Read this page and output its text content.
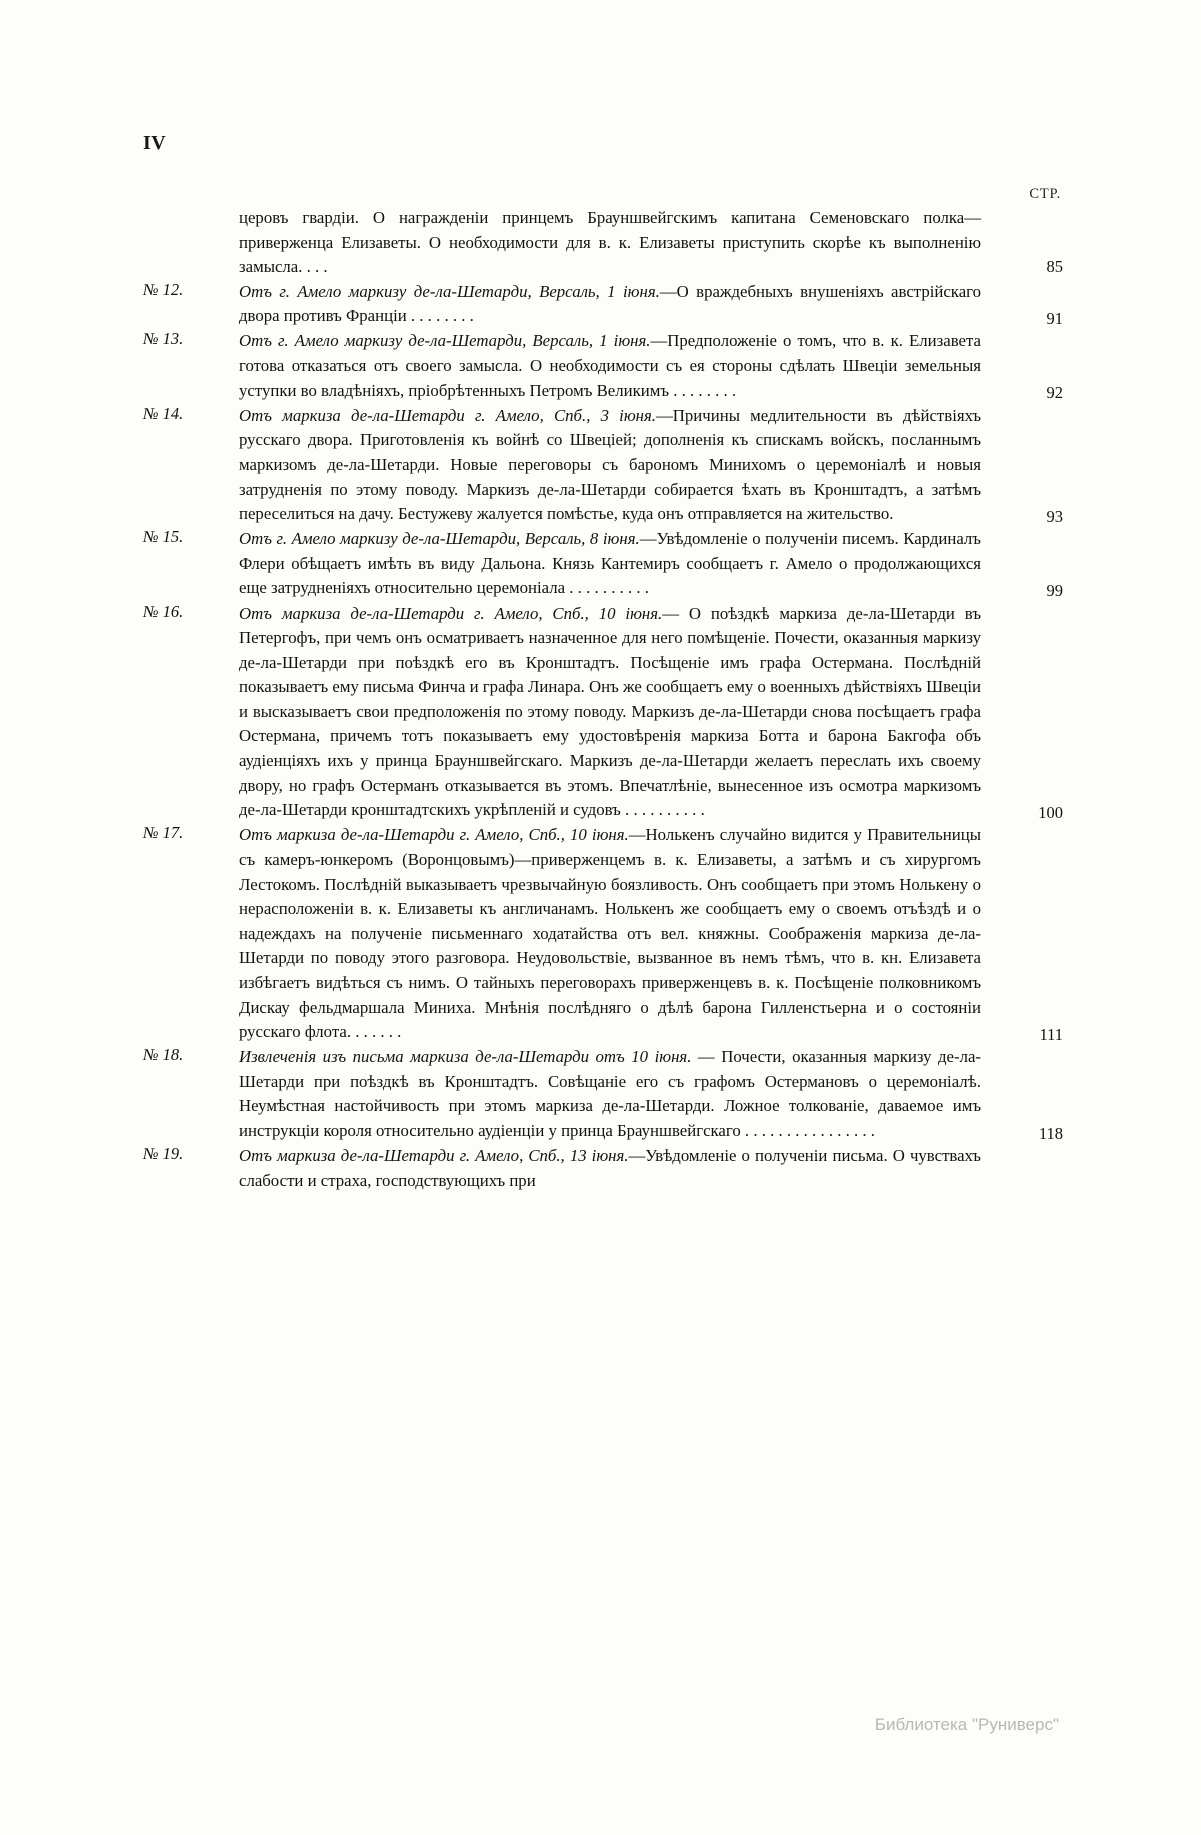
IV
СТР.
церовъ гвардіи. О награжденіи принцемъ Брауншвейгскимъ капитана Семеновскаго полка—приверженца Елизаветы. О необходимости для в. к. Елизаветы приступить скорѣе къ выполненію замысла. . . .	85
№ 12.	Отъ г. Амело маркизу де-ла-Шетарди, Версаль, 1 іюня.—О враждебныхъ внушеніяхъ австрійскаго двора противъ Франціи . . . . . . . .	91
№ 13.	Отъ г. Амело маркизу де-ла-Шетарди, Версаль, 1 іюня.—Предположеніе о томъ, что в. к. Елизавета готова отказаться отъ своего замысла. О необходимости съ ея стороны сдѣлать Швеціи земельныя уступки во владѣніяхъ, пріобрѣтенныхъ Петромъ Великимъ . . . . . . . .	92
№ 14.	Отъ маркиза де-ла-Шетарди г. Амело, Спб., 3 іюня.—Причины медлительности въ дѣйствіяхъ русскаго двора. Приготовленія къ войнѣ со Швеціей; дополненія къ спискамъ войскъ, посланнымъ маркизомъ де-ла-Шетарди. Новые переговоры съ барономъ Минихомъ о церемоніалѣ и новыя затрудненія по этому поводу. Маркизъ де-ла-Шетарди собирается ѣхать въ Кронштадтъ, а затѣмъ переселиться на дачу. Бестужеву жалуется помѣстье, куда онъ отправляется на жительство.	93
№ 15.	Отъ г. Амело маркизу де-ла-Шетарди, Версаль, 8 іюня.—Увѣдомленіе о полученіи писемъ. Кардиналъ Флери обѣщаетъ имѣть въ виду Дальона. Князь Кантемиръ сообщаетъ г. Амело о продолжающихся еще затрудненіяхъ относительно церемоніала . . . . . . . . . .	99
№ 16.	Отъ маркиза де-ла-Шетарди г. Амело, Спб., 10 іюня.— О поѣздкѣ маркиза де-ла-Шетарди въ Петергофъ, при чемъ онъ осматриваетъ назначенное для него помѣщеніе. Почести, оказанныя маркизу де-ла-Шетарди при поѣздкѣ его въ Кронштадтъ. Посѣщеніе имъ графа Остермана. Послѣдній показываетъ ему письма Финча и графа Линара. Онъ же сообщаетъ ему о военныхъ дѣйствіяхъ Швеціи и высказываетъ свои предположенія по этому поводу. Маркизъ де-ла-Шетарди снова посѣщаетъ графа Остермана, причемъ тотъ показываетъ ему удостовѣренія маркиза Ботта и барона Бакгофа объ аудіенціяхъ ихъ у принца Брауншвейгскаго. Маркизъ де-ла-Шетарди желаетъ переслать ихъ своему двору, но графъ Остерманъ отказывается въ этомъ. Впечатлѣніе, вынесенное изъ осмотра маркизомъ де-ла-Шетарди кронштадтскихъ укрѣпленій и судовъ . . . . . . . . . .	100
№ 17.	Отъ маркиза де-ла-Шетарди г. Амело, Спб., 10 іюня.—Нолькенъ случайно видится у Правительницы съ камеръ-юнкеромъ (Воронцовымъ)—приверженцемъ в. к. Елизаветы, а затѣмъ и съ хирургомъ Лестокомъ. Послѣдній выказываетъ чрезвычайную боязливость. Онъ сообщаетъ при этомъ Нолькену о нерасположеніи в. к. Елизаветы къ англичанамъ. Нолькенъ же сообщаетъ ему о своемъ отъѣздѣ и о надеждахъ на полученіе письменнаго ходатайства отъ вел. княжны. Соображенія маркиза де-ла-Шетарди по поводу этого разговора. Неудовольствіе, вызванное въ немъ тѣмъ, что в. кн. Елизавета избѣгаетъ видѣться съ нимъ. О тайныхъ переговорахъ приверженцевъ в. к. Посѣщеніе полковникомъ Дискау фельдмаршала Миниха. Мнѣнія послѣдняго о дѣлѣ барона Гилленстьерна и о состояніи русскаго флота. . . . . . .	111
№ 18.	Извлеченія изъ письма маркиза де-ла-Шетарди отъ 10 іюня. — Почести, оказанныя маркизу де-ла-Шетарди при поѣздкѣ въ Кронштадтъ. Совѣщаніе его съ графомъ Остермановъ о церемоніалѣ. Неумѣстная настойчивость при этомъ маркиза де-ла-Шетарди. Ложное толкованіе, даваемое имъ инструкціи короля относительно аудіенціи у принца Брауншвейгскаго . . . . . . . . . . . . . . . .	118
№ 19.	Отъ маркиза де-ла-Шетарди г. Амело, Спб., 13 іюня.—Увѣдомленіе о полученіи письма. О чувствахъ слабости и страха, господствующихъ при
Библиотека "Руниверс"
